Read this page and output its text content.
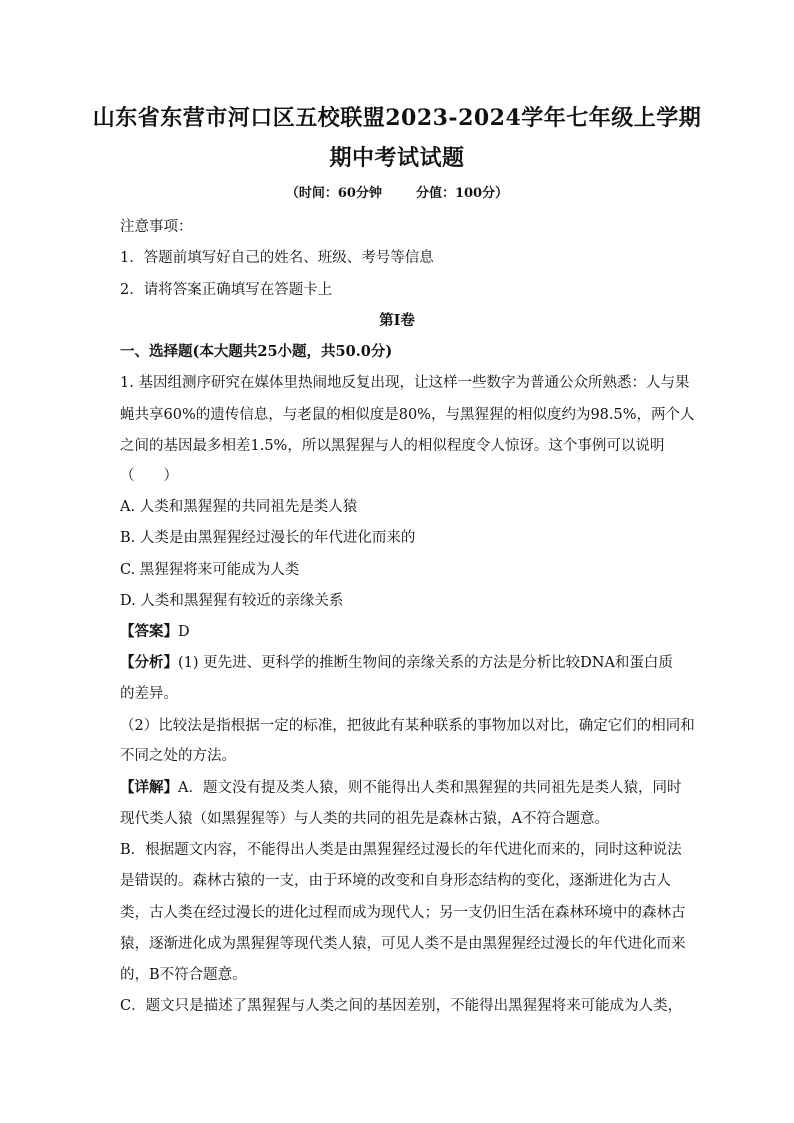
山东省东营市河口区五校联盟2023-2024学年七年级上学期
期中考试试题
（时间：60分钟	分值：100分）
注意事项：
1．答题前填写好自己的姓名、班级、考号等信息
2．请将答案正确填写在答题卡上
第I卷
一、选择题(本大题共25小题，共50.0分)
1. 基因组测序研究在媒体里热闹地反复出现，让这样一些数字为普通公众所熟悉：人与果
蝇共享60%的遗传信息，与老鼠的相似度是80%，与黑猩猩的相似度约为98.5%，两个人
之间的基因最多相差1.5%，所以黑猩猩与人的相似程度令人惊讶。这个事例可以说明
（　　）
A. 人类和黑猩猩的共同祖先是类人猿
B. 人类是由黑猩猩经过漫长的年代进化而来的
C. 黑猩猩将来可能成为人类
D. 人类和黑猩猩有较近的亲缘关系
【答案】D
【分析】(1) 更先进、更科学的推断生物间的亲缘关系的方法是分析比较DNA和蛋白质
的差异。
（2）比较法是指根据一定的标准，把彼此有某种联系的事物加以对比，确定它们的相同和
不同之处的方法。
【详解】A．题文没有提及类人猿，则不能得出人类和黑猩猩的共同祖先是类人猿，同时
现代类人猿（如黑猩猩等）与人类的共同的祖先是森林古猿，A不符合题意。
B．根据题文内容，不能得出人类是由黑猩猩经过漫长的年代进化而来的，同时这种说法
是错误的。森林古猿的一支，由于环境的改变和自身形态结构的变化，逐渐进化为古人
类，古人类在经过漫长的进化过程而成为现代人；另一支仍旧生活在森林环境中的森林古
猿，逐渐进化成为黑猩猩等现代类人猿，可见人类不是由黑猩猩经过漫长的年代进化而来
的，B不符合题意。
C．题文只是描述了黑猩猩与人类之间的基因差别，不能得出黑猩猩将来可能成为人类，
